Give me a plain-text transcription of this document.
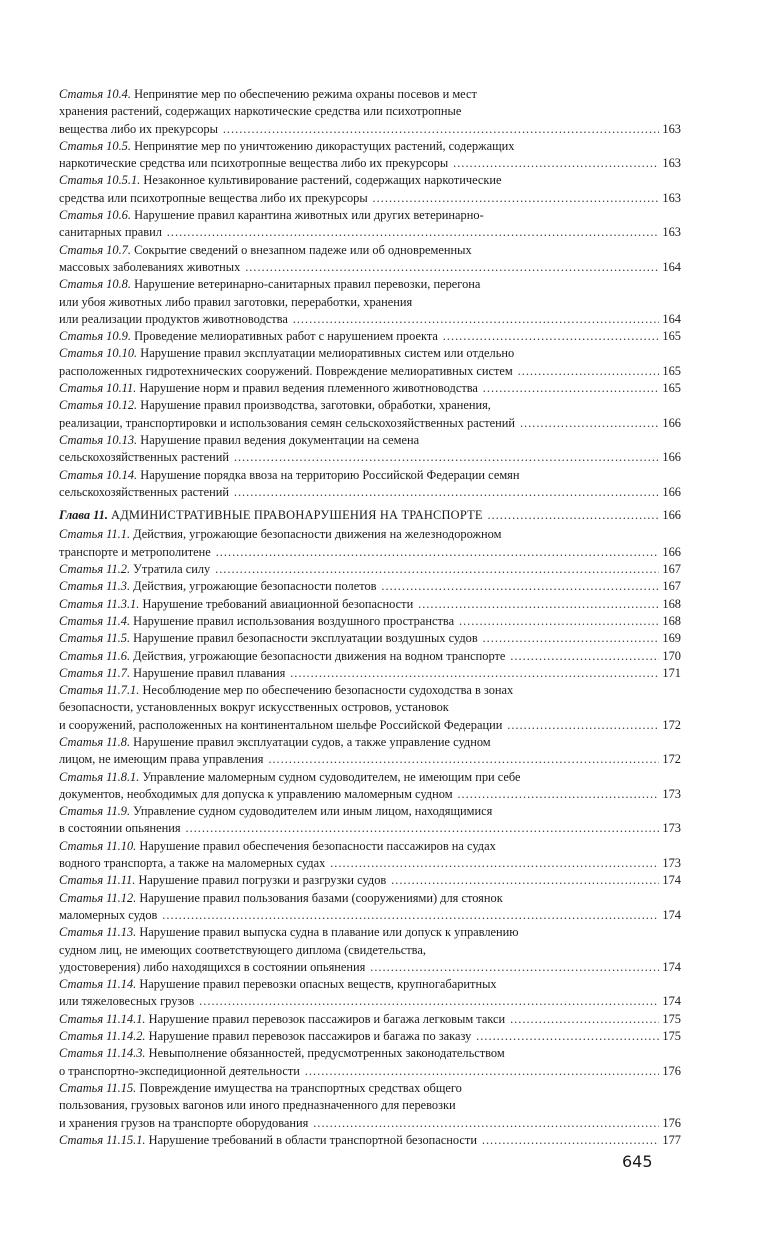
Статья 10.4. Непринятие мер по обеспечению режима охраны посевов и мест
хранения растений, содержащих наркотические средства или психотропные
вещества либо их прекурсоры .....	163
Статья 10.5. Непринятие мер по уничтожению дикорастущих растений, содержащих
наркотические средства или психотропные вещества либо их прекурсоры .....	163
Статья 10.5.1. Незаконное культивирование растений, содержащих наркотические
средства или психотропные вещества либо их прекурсоры .....	163
Статья 10.6. Нарушение правил карантина животных или других ветеринарно-
санитарных правил .....	163
Статья 10.7. Сокрытие сведений о внезапном падеже или об одновременных
массовых заболеваниях животных .....	164
Статья 10.8. Нарушение ветеринарно-санитарных правил перевозки, перегона
или убоя животных либо правил заготовки, переработки, хранения
или реализации продуктов животноводства .....	164
Статья 10.9. Проведение мелиоративных работ с нарушением проекта .....	165
Статья 10.10. Нарушение правил эксплуатации мелиоративных систем или отдельно
расположенных гидротехнических сооружений. Повреждение мелиоративных систем .....	165
Статья 10.11. Нарушение норм и правил ведения племенного животноводства .....	165
Статья 10.12. Нарушение правил производства, заготовки, обработки, хранения,
реализации, транспортировки и использования семян сельскохозяйственных растений .....	166
Статья 10.13. Нарушение правил ведения документации на семена
сельскохозяйственных растений .....	166
Статья 10.14. Нарушение порядка ввоза на территорию Российской Федерации семян
сельскохозяйственных растений .....	166
Глава 11. АДМИНИСТРАТИВНЫЕ ПРАВОНАРУШЕНИЯ НА ТРАНСПОРТЕ .....	166
Статья 11.1. Действия, угрожающие безопасности движения на железнодорожном
транспорте и метрополитене .....	166
Статья 11.2. Утратила силу .....	167
Статья 11.3. Действия, угрожающие безопасности полетов .....	167
Статья 11.3.1. Нарушение требований авиационной безопасности .....	168
Статья 11.4. Нарушение правил использования воздушного пространства .....	168
Статья 11.5. Нарушение правил безопасности эксплуатации воздушных судов .....	169
Статья 11.6. Действия, угрожающие безопасности движения на водном транспорте .....	170
Статья 11.7. Нарушение правил плавания .....	171
Статья 11.7.1. Несоблюдение мер по обеспечению безопасности судоходства в зонах
безопасности, установленных вокруг искусственных островов, установок
и сооружений, расположенных на континентальном шельфе Российской Федерации .....	172
Статья 11.8. Нарушение правил эксплуатации судов, а также управление судном
лицом, не имеющим права управления .....	172
Статья 11.8.1. Управление маломерным судном судоводителем, не имеющим при себе
документов, необходимых для допуска к управлению маломерным судном .....	173
Статья 11.9. Управление судном судоводителем или иным лицом, находящимися
в состоянии опьянения .....	173
Статья 11.10. Нарушение правил обеспечения безопасности пассажиров на судах
водного транспорта, а также на маломерных судах .....	173
Статья 11.11. Нарушение правил погрузки и разгрузки судов .....	174
Статья 11.12. Нарушение правил пользования базами (сооружениями) для стоянок
маломерных судов .....	174
Статья 11.13. Нарушение правил выпуска судна в плавание или допуск к управлению
судном лиц, не имеющих соответствующего диплома (свидетельства,
удостоверения) либо находящихся в состоянии опьянения .....	174
Статья 11.14. Нарушение правил перевозки опасных веществ, крупногабаритных
или тяжеловесных грузов .....	174
Статья 11.14.1. Нарушение правил перевозок пассажиров и багажа легковым такси .....	175
Статья 11.14.2. Нарушение правил перевозок пассажиров и багажа по заказу .....	175
Статья 11.14.3. Невыполнение обязанностей, предусмотренных законодательством
о транспортно-экспедиционной деятельности .....	176
Статья 11.15. Повреждение имущества на транспортных средствах общего
пользования, грузовых вагонов или иного предназначенного для перевозки
и хранения грузов на транспорте оборудования .....	176
Статья 11.15.1. Нарушение требований в области транспортной безопасности .....	177
645
